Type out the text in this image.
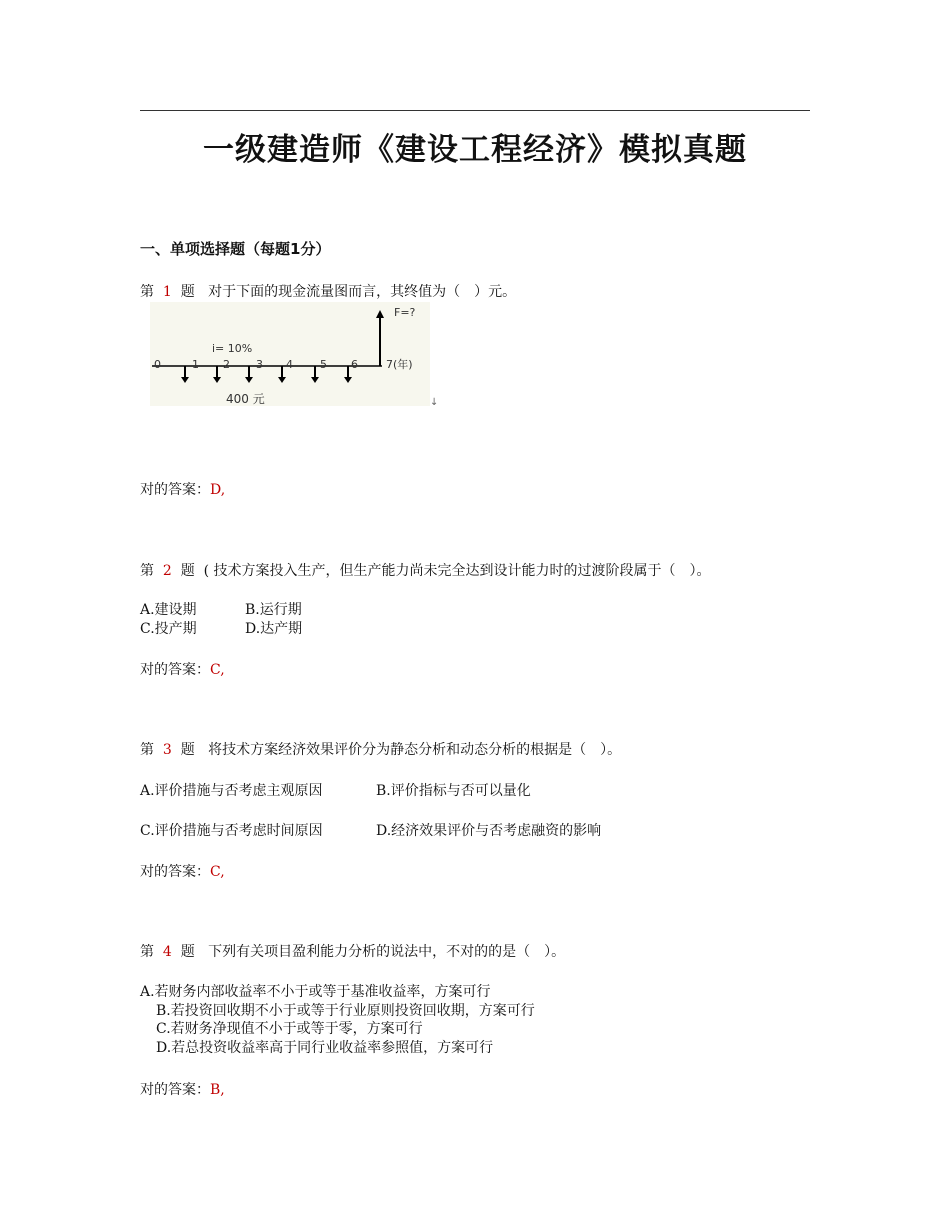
一级建造师《建设工程经济》模拟真题
一、单项选择题（每题1分）
第 1 题 对于下面的现金流量图而言，其终值为（　）元。
F=?
i= 10%
0	1 2 3 4 5 6	7(年)
400 元	↓
对的答案：D,
第 2 题 ( 技术方案投入生产，但生产能力尚未完全达到设计能力时的过渡阶段属于（　）。
A.建设期	B.运行期
C.投产期	D.达产期
对的答案：C,
第 3 题 将技术方案经济效果评价分为静态分析和动态分析的根据是（　）。
A.评价措施与否考虑主观原因	B.评价指标与否可以量化
C.评价措施与否考虑时间原因	D.经济效果评价与否考虑融资的影响
对的答案：C,
第 4 题 下列有关项目盈利能力分析的说法中，不对的的是（　）。
A.若财务内部收益率不小于或等于基准收益率，方案可行
B.若投资回收期不小于或等于行业原则投资回收期，方案可行
C.若财务净现值不小于或等于零，方案可行
D.若总投资收益率高于同行业收益率参照值，方案可行
对的答案：B,
